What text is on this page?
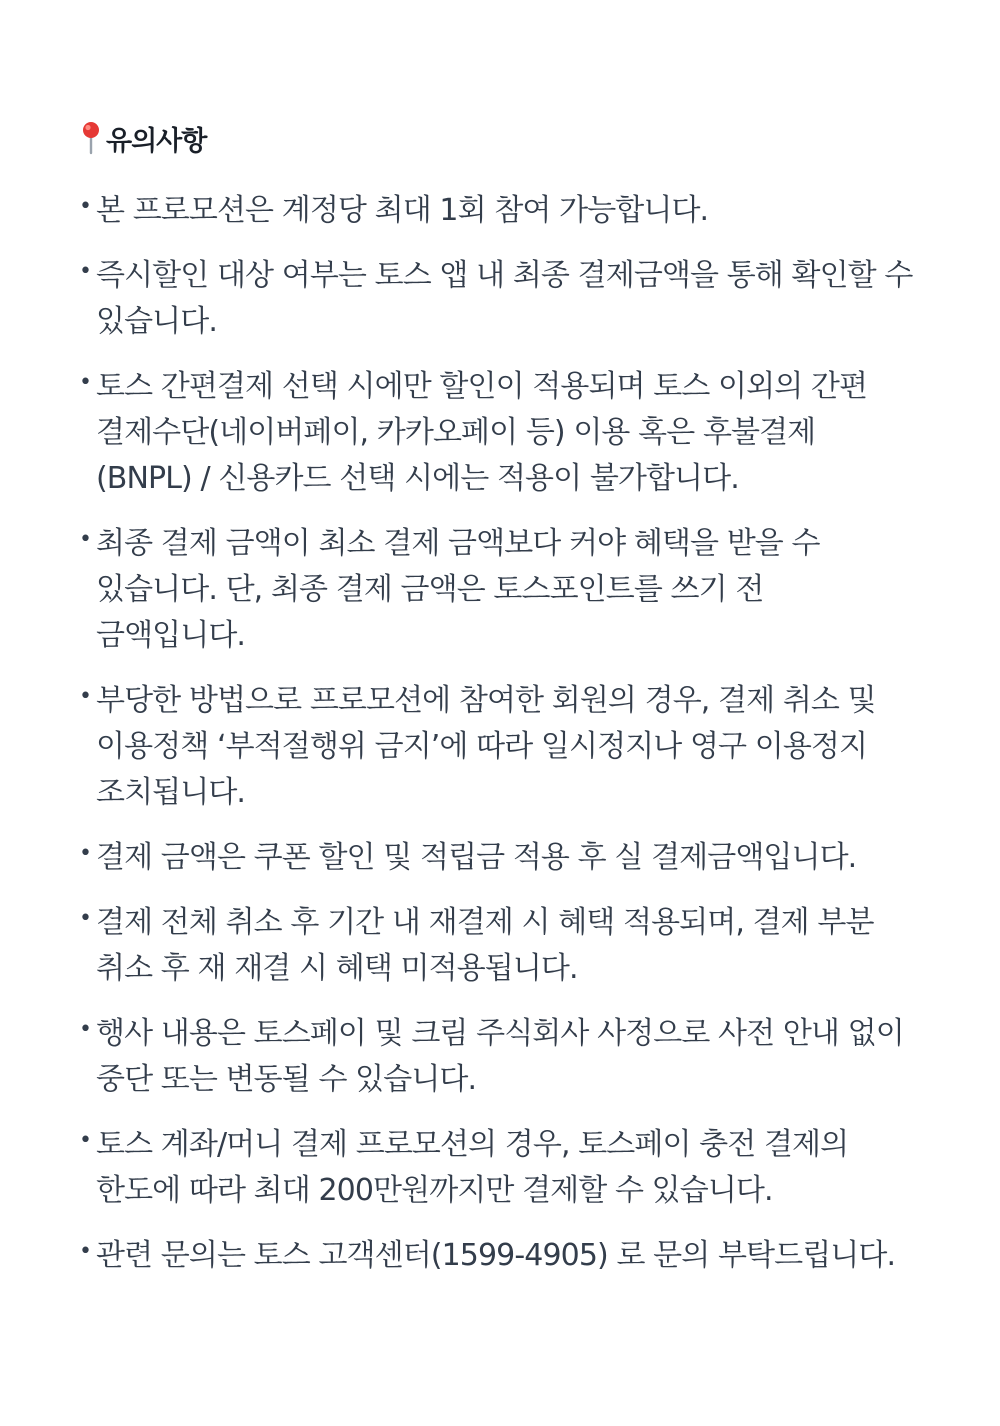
유의사항
• 본 프로모션은 계정당 최대 1회 참여 가능합니다.
• 즉시할인 대상 여부는 토스 앱 내 최종 결제금액을 통해 확인할 수 있습니다.
• 토스 간편결제 선택 시에만 할인이 적용되며 토스 이외의 간편 결제수단(네이버페이, 카카오페이 등) 이용 혹은 후불결제 (BNPL) / 신용카드 선택 시에는 적용이 불가합니다.
• 최종 결제 금액이 최소 결제 금액보다 커야 혜택을 받을 수 있습니다. 단, 최종 결제 금액은 토스포인트를 쓰기 전 금액입니다.
• 부당한 방법으로 프로모션에 참여한 회원의 경우, 결제 취소 및 이용정책 ‘부적절행위 금지’에 따라 일시정지나 영구 이용정지 조치됩니다.
• 결제 금액은 쿠폰 할인 및 적립금 적용 후 실 결제금액입니다.
• 결제 전체 취소 후 기간 내 재결제 시 혜택 적용되며, 결제 부분 취소 후 재 재결 시 혜택 미적용됩니다.
• 행사 내용은 토스페이 및 크림 주식회사 사정으로 사전 안내 없이 중단 또는 변동될 수 있습니다.
• 토스 계좌/머니 결제 프로모션의 경우, 토스페이 충전 결제의 한도에 따라 최대 200만원까지만 결제할 수 있습니다.
• 관련 문의는 토스 고객센터(1599-4905) 로 문의 부탁드립니다.
